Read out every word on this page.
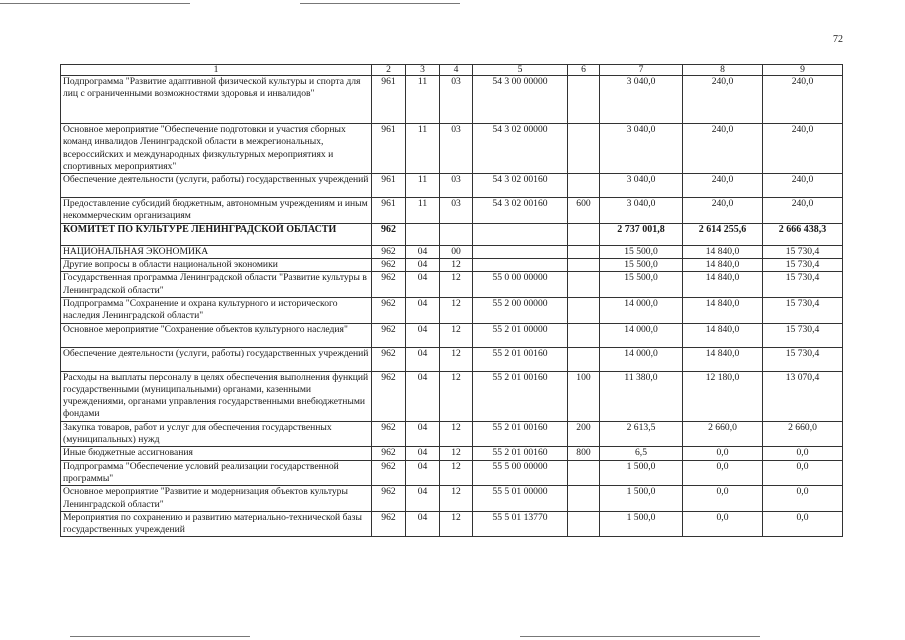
72
1	2	3	4	5	6	7	8	9
Подпрограмма "Развитие адаптивной физической культуры и спорта для лиц с ограниченными возможностями здоровья и инвалидов"	961	11	03	54 3 00 00000		3 040,0	240,0	240,0
Основное мероприятие "Обеспечение подготовки и участия сборных команд инвалидов Ленинградской области в межрегиональных, всероссийских и международных физкультурных мероприятиях и спортивных мероприятиях"	961	11	03	54 3 02 00000		3 040,0	240,0	240,0
Обеспечение деятельности (услуги, работы) государственных учреждений	961	11	03	54 3 02 00160		3 040,0	240,0	240,0
Предоставление субсидий бюджетным, автономным учреждениям и иным некоммерческим организациям	961	11	03	54 3 02 00160	600	3 040,0	240,0	240,0
КОМИТЕТ ПО КУЛЬТУРЕ ЛЕНИНГРАДСКОЙ ОБЛАСТИ	962					2 737 001,8	2 614 255,6	2 666 438,3
НАЦИОНАЛЬНАЯ ЭКОНОМИКА	962	04	00			15 500,0	14 840,0	15 730,4
Другие вопросы в области национальной экономики	962	04	12			15 500,0	14 840,0	15 730,4
Государственная программа Ленинградской области "Развитие культуры в Ленинградской области"	962	04	12	55 0 00 00000		15 500,0	14 840,0	15 730,4
Подпрограмма "Сохранение и охрана культурного и исторического наследия Ленинградской области"	962	04	12	55 2 00 00000		14 000,0	14 840,0	15 730,4
Основное мероприятие "Сохранение объектов культурного наследия"	962	04	12	55 2 01 00000		14 000,0	14 840,0	15 730,4
Обеспечение деятельности (услуги, работы) государственных учреждений	962	04	12	55 2 01 00160		14 000,0	14 840,0	15 730,4
Расходы на выплаты персоналу в целях обеспечения выполнения функций государственными (муниципальными) органами, казенными учреждениями, органами управления государственными внебюджетными фондами	962	04	12	55 2 01 00160	100	11 380,0	12 180,0	13 070,4
Закупка товаров, работ и услуг для обеспечения государственных (муниципальных) нужд	962	04	12	55 2 01 00160	200	2 613,5	2 660,0	2 660,0
Иные бюджетные ассигнования	962	04	12	55 2 01 00160	800	6,5	0,0	0,0
Подпрограмма "Обеспечение условий реализации государственной программы"	962	04	12	55 5 00 00000		1 500,0	0,0	0,0
Основное мероприятие "Развитие и модернизация объектов культуры Ленинградской области"	962	04	12	55 5 01 00000		1 500,0	0,0	0,0
Мероприятия по сохранению и развитию материально-технической базы государственных учреждений	962	04	12	55 5 01 13770		1 500,0	0,0	0,0
